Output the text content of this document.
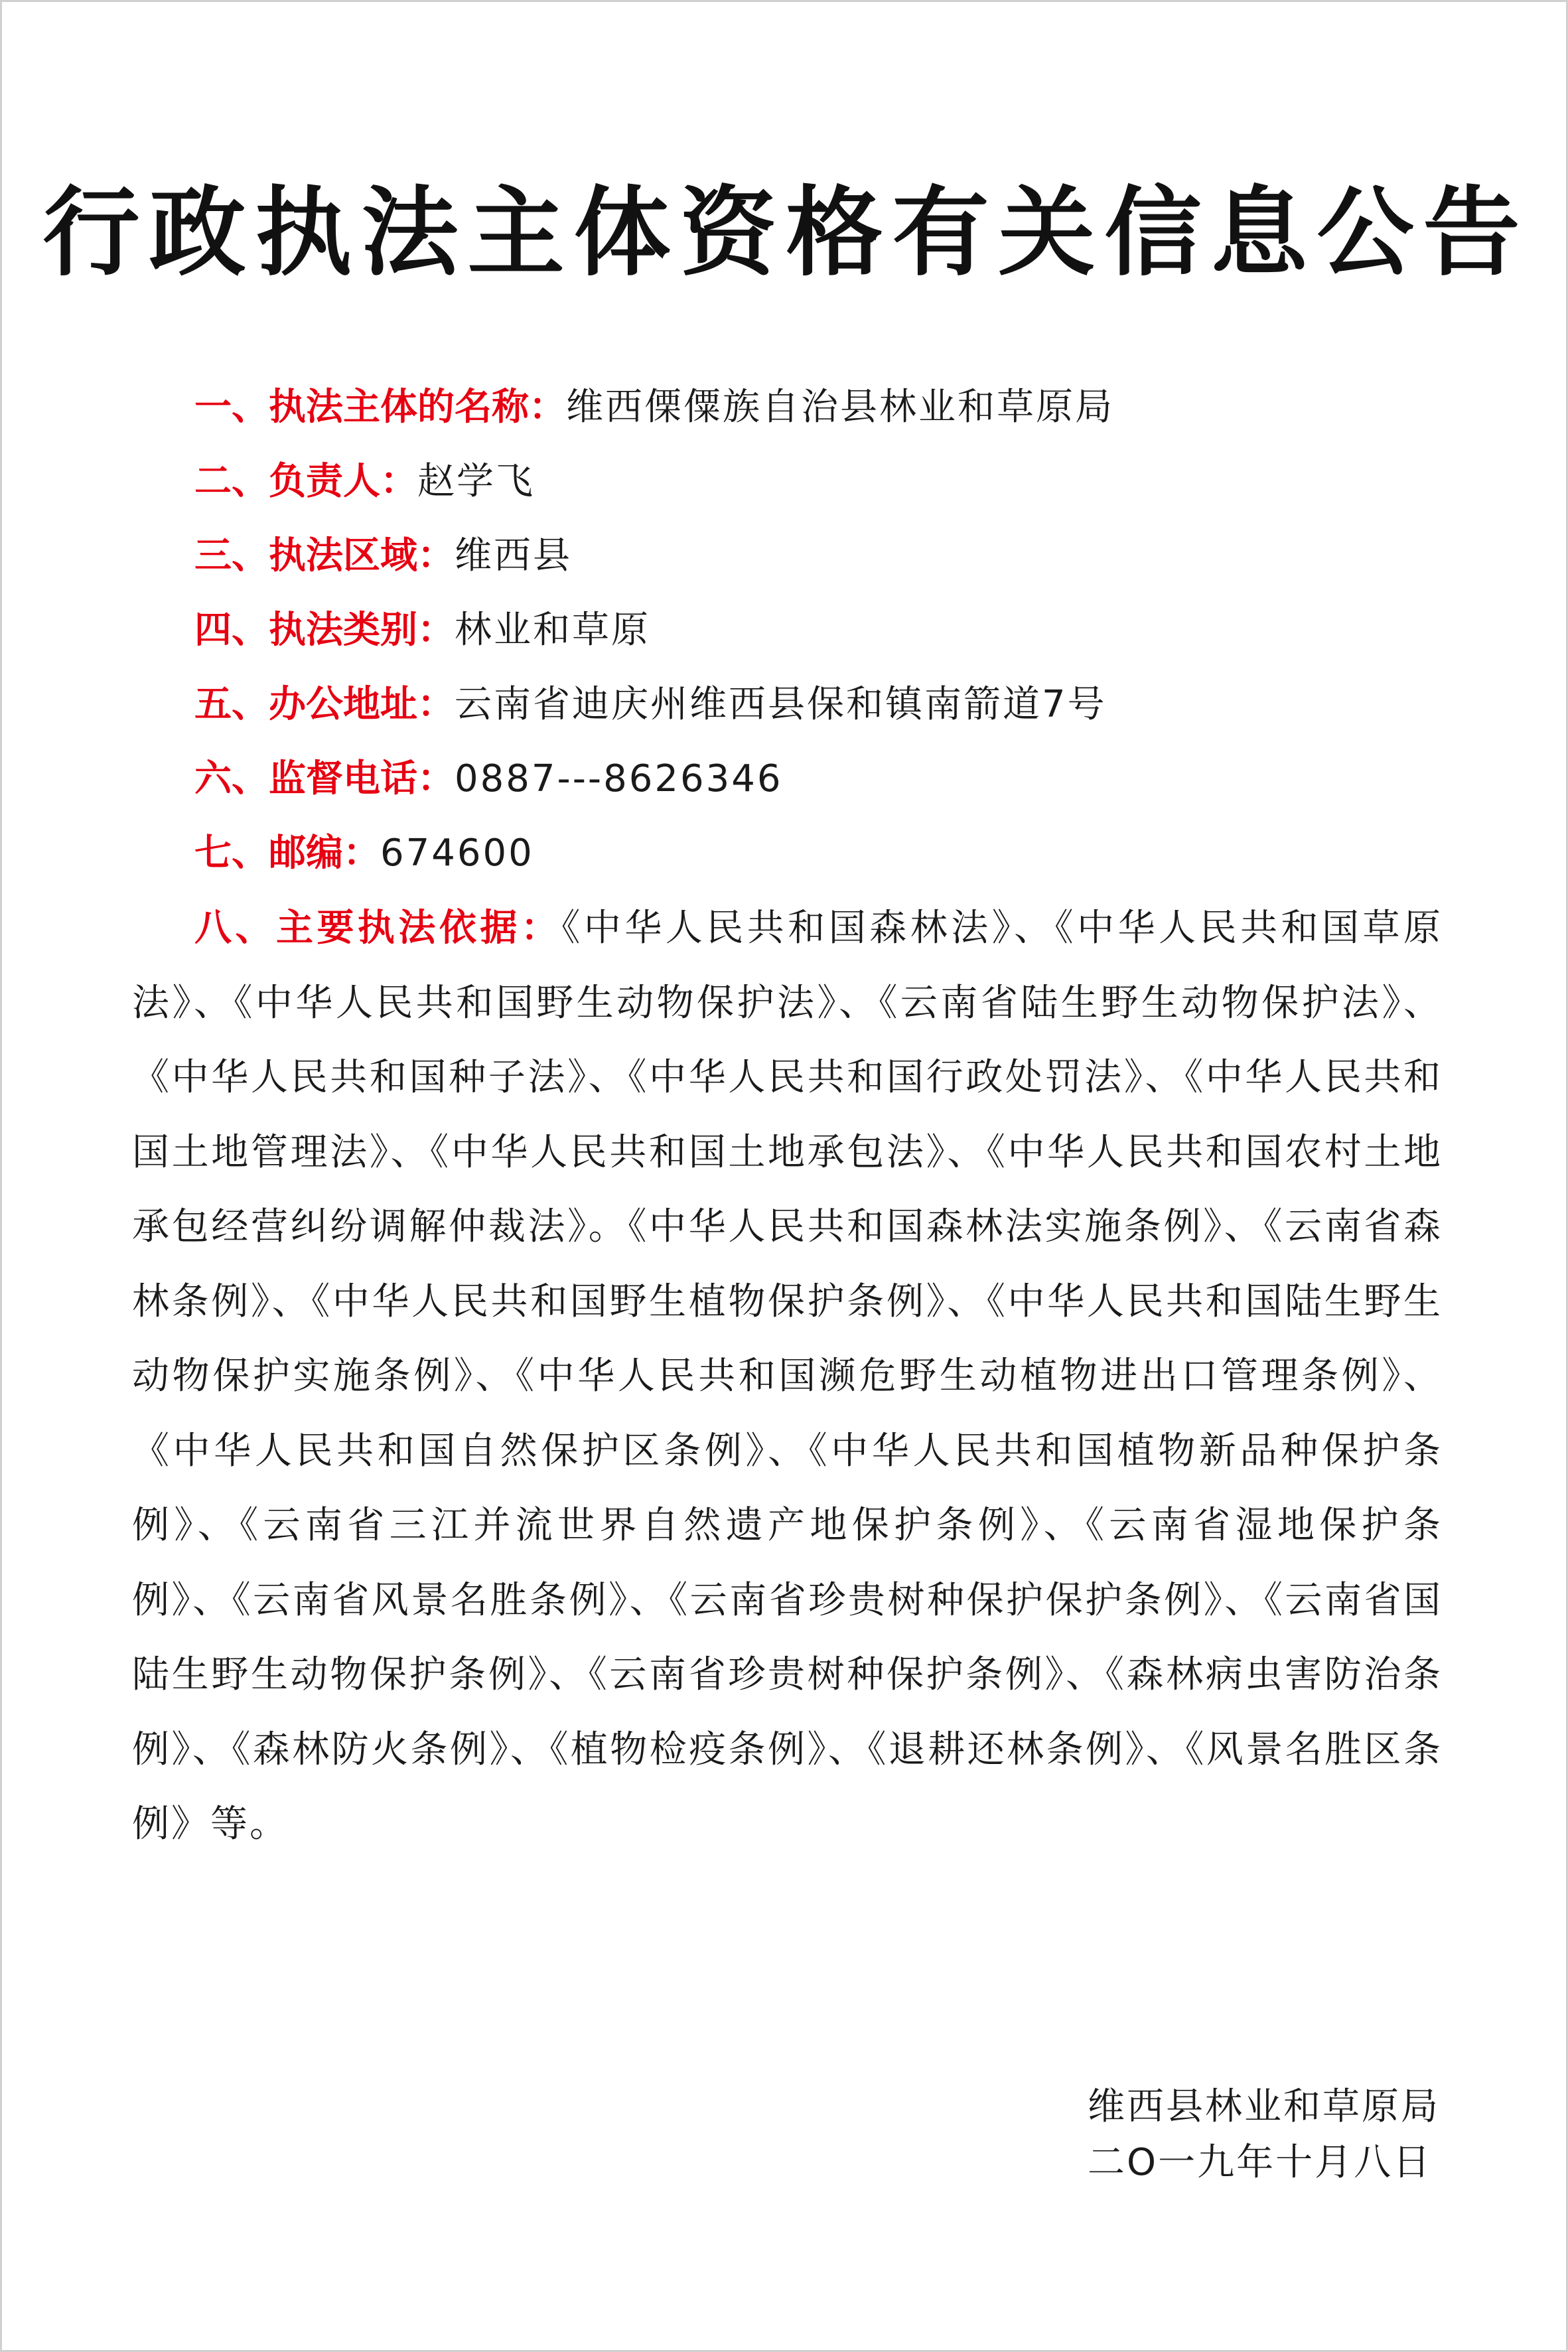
行政执法主体资格有关信息公告
一、执法主体的名称：维西傈僳族自治县林业和草原局
二、负责人：赵学飞
三、执法区域：维西县
四、执法类别：林业和草原
五、办公地址：云南省迪庆州维西县保和镇南箭道7号
六、监督电话：0887---8626346
七、邮编：674600

八、主要执法依据：《中华人民共和国森林法》、《中华人民共和国草原法》、《中华人民共和国野生动物保护法》、《云南省陆生野生动物保护法》、《中华人民共和国种子法》、《中华人民共和国行政处罚法》、《中华人民共和国土地管理法》、《中华人民共和国土地承包法》、《中华人民共和国农村土地承包经营纠纷调解仲裁法》。《中华人民共和国森林法实施条例》、《云南省森林条例》、《中华人民共和国野生植物保护条例》、《中华人民共和国陆生野生动物保护实施条例》、《中华人民共和国濒危野生动植物进出口管理条例》、《中华人民共和国自然保护区条例》、《中华人民共和国植物新品种保护条例》、《云南省三江并流世界自然遗产地保护条例》、《云南省湿地保护条例》、《云南省风景名胜条例》、《云南省珍贵树种保护保护条例》、《云南省国陆生野生动物保护条例》、《云南省珍贵树种保护条例》、《森林病虫害防治条例》、《森林防火条例》、《植物检疫条例》、《退耕还林条例》、《风景名胜区条例》等。

维西县林业和草原局
二O一九年十月八日
